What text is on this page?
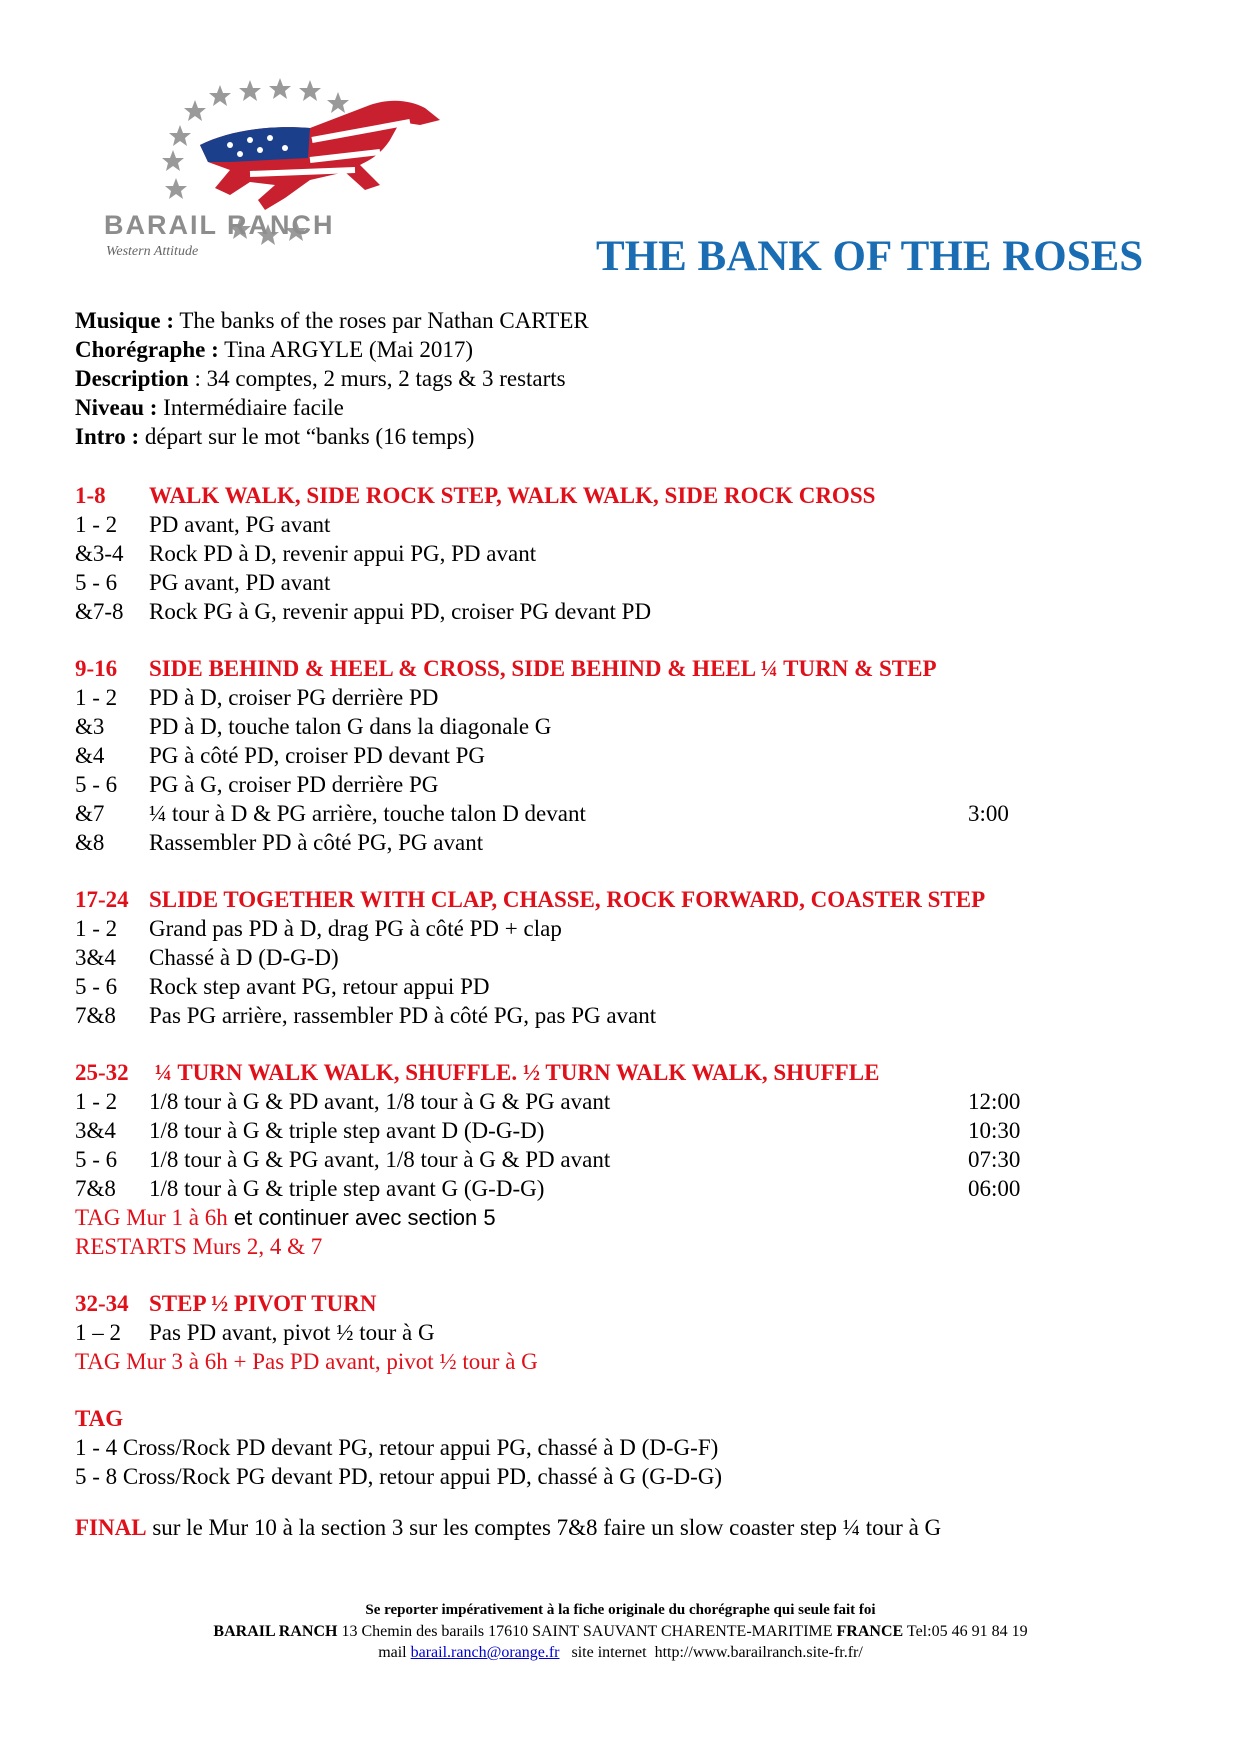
BARAIL RANCH
Western Attitude	THE BANK OF THE ROSES
Musique : The banks of the roses par Nathan CARTER
Chorégraphe : Tina ARGYLE (Mai 2017)
Description : 34 comptes, 2 murs, 2 tags & 3 restarts
Niveau : Intermédiaire facile
Intro : départ sur le mot “banks (16 temps)
1-8 WALK WALK, SIDE ROCK STEP, WALK WALK, SIDE ROCK CROSS
1 - 2 PD avant, PG avant
&3-4 Rock PD à D, revenir appui PG, PD avant
5 - 6 PG avant, PD avant
&7-8 Rock PG à G, revenir appui PD, croiser PG devant PD
9-16 SIDE BEHIND & HEEL & CROSS, SIDE BEHIND & HEEL ¼ TURN & STEP
1 - 2 PD à D, croiser PG derrière PD
&3 PD à D, touche talon G dans la diagonale G
&4 PG à côté PD, croiser PD devant PG
5 - 6 PG à G, croiser PD derrière PG
&7 ¼ tour à D & PG arrière, touche talon D devant	3:00
&8 Rassembler PD à côté PG, PG avant
17-24 SLIDE TOGETHER WITH CLAP, CHASSE, ROCK FORWARD, COASTER STEP
1 - 2 Grand pas PD à D, drag PG à côté PD + clap
3&4 Chassé à D (D-G-D)
5 - 6 Rock step avant PG, retour appui PD
7&8 Pas PG arrière, rassembler PD à côté PG, pas PG avant
25-32 ¼ TURN WALK WALK, SHUFFLE. ½ TURN WALK WALK, SHUFFLE
1 - 2 1/8 tour à G & PD avant, 1/8 tour à G & PG avant	12:00
3&4 1/8 tour à G & triple step avant D (D-G-D)	10:30
5 - 6 1/8 tour à G & PG avant, 1/8 tour à G & PD avant	07:30
7&8 1/8 tour à G & triple step avant G (G-D-G)	06:00
TAG Mur 1 à 6h et continuer avec section 5
RESTARTS Murs 2, 4 & 7
32-34 STEP ½ PIVOT TURN
1 – 2 Pas PD avant, pivot ½ tour à G
TAG Mur 3 à 6h + Pas PD avant, pivot ½ tour à G
TAG
1 - 4 Cross/Rock PD devant PG, retour appui PG, chassé à D (D-G-F)
5 - 8 Cross/Rock PG devant PD, retour appui PD, chassé à G (G-D-G)
FINAL sur le Mur 10 à la section 3 sur les comptes 7&8 faire un slow coaster step ¼ tour à G
Se reporter impérativement à la fiche originale du chorégraphe qui seule fait foi
BARAIL RANCH 13 Chemin des barails 17610 SAINT SAUVANT CHARENTE-MARITIME FRANCE Tel:05 46 91 84 19
mail barail.ranch@orange.fr   site internet  http://www.barailranch.site-fr.fr/
